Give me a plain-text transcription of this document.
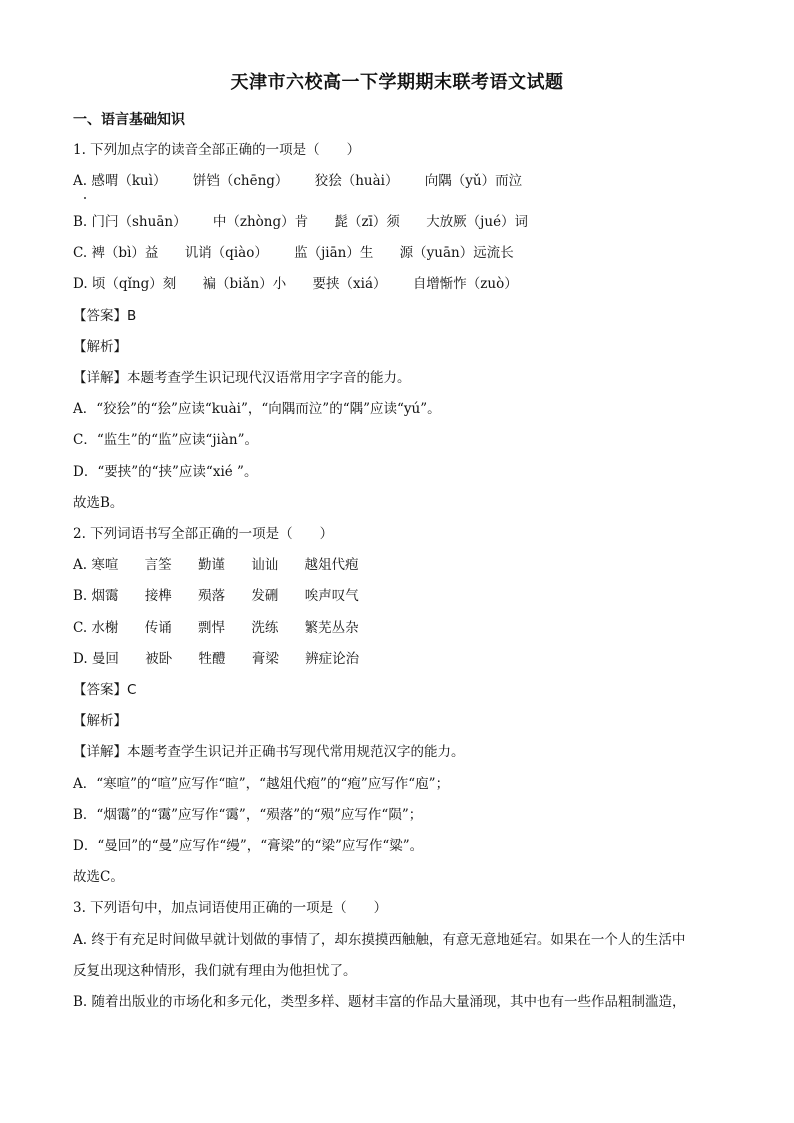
天津市六校高一下学期期末联考语文试题
一、语言基础知识
1. 下列加点字的读音全部正确的一项是（　　）
A. 感喟（kuì） 饼铛（chēng） 狡狯（huài） 向隅（yǔ）而泣
B. 门闩（shuān） 中（zhòng）肯 髭（zī）须 大放厥（jué）词
C. 裨（bì）益 讥诮（qiào） 监（jiān）生 源（yuān）远流长
D. 顷（qǐng）刻 褊（biǎn）小 要挟（xiá） 自增惭怍（zuò）
【答案】B
【解析】
【详解】本题考查学生识记现代汉语常用字字音的能力。
A．“狡狯”的“狯”应读“kuài”，“向隅而泣”的“隅”应读“yú”。
C．“监生”的“监”应读“jiàn”。
D．“要挟”的“挟”应读“xié ”。
故选B。
2. 下列词语书写全部正确的一项是（　　）
A. 寒喧 言筌 勤谨 讪讪 越俎代疱
B. 烟霭 接榫 殒落 发硎 唉声叹气
C. 水榭 传诵 剽悍 洗练 繁芜丛杂
D. 曼回 被卧 牲醴 膏梁 辨症论治
【答案】C
【解析】
【详解】本题考查学生识记并正确书写现代常用规范汉字的能力。
A．“寒喧”的“喧”应写作“暄”，“越俎代疱”的“疱”应写作“庖”；
B．“烟霭”的“霭”应写作“霭”，“殒落”的“殒”应写作“陨”；
D．“曼回”的“曼”应写作“缦”，“膏梁”的“梁”应写作“粱”。
故选C。
3. 下列语句中，加点词语使用正确的一项是（　　）
A. 终于有充足时间做早就计划做的事情了，却东摸摸西触触，有意无意地延宕。如果在一个人的生活中
反复出现这种情形，我们就有理由为他担忧了。
B. 随着出版业的市场化和多元化，类型多样、题材丰富的作品大量涌现，其中也有一些作品粗制滥造，
